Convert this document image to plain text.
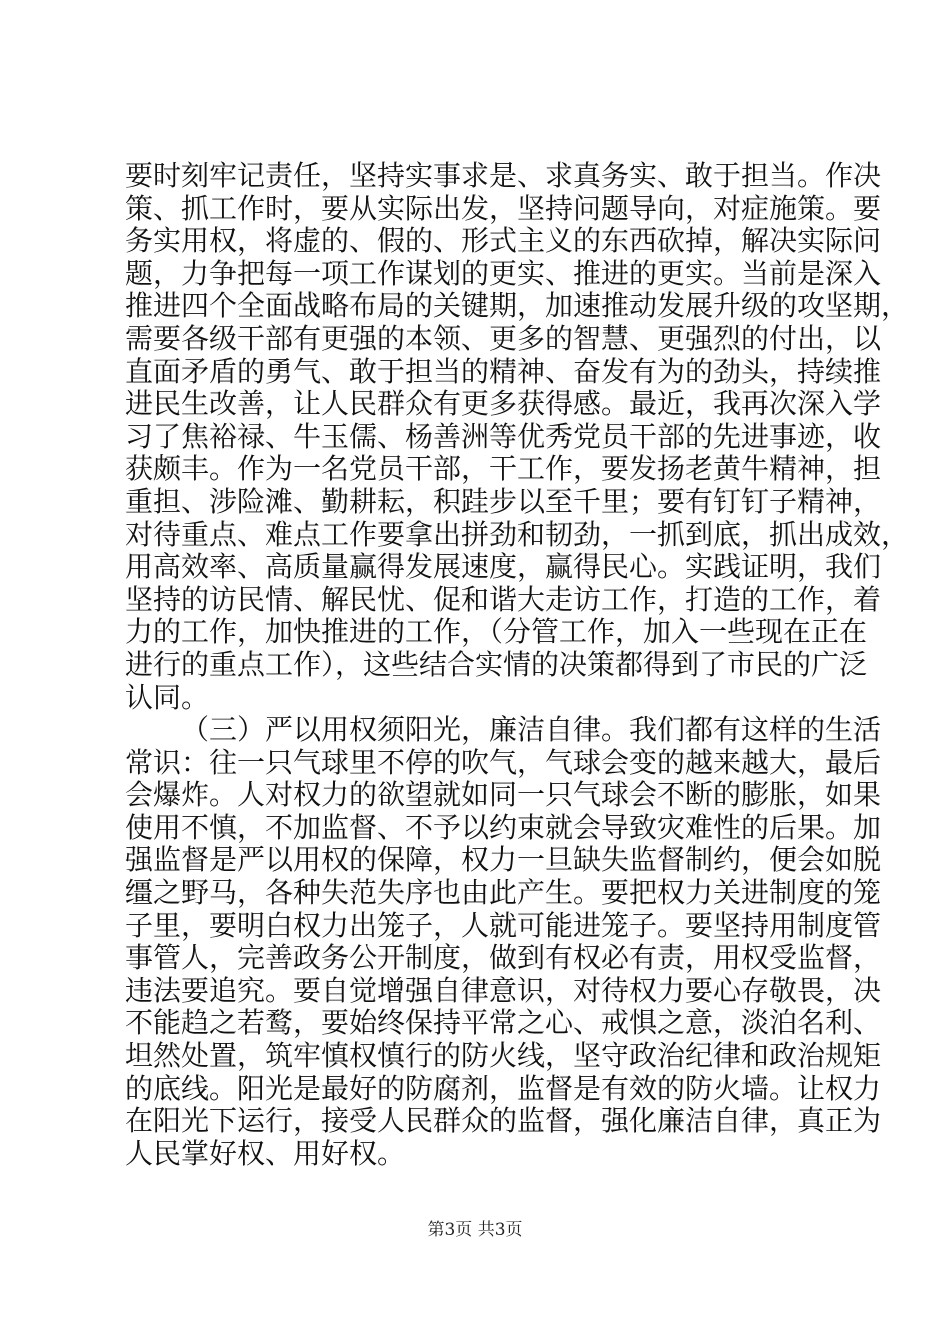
要时刻牢记责任，坚持实事求是、求真务实、敢于担当。作决
策、抓工作时，要从实际出发，坚持问题导向，对症施策。要
务实用权，将虚的、假的、形式主义的东西砍掉，解决实际问
题，力争把每一项工作谋划的更实、推进的更实。当前是深入
推进四个全面战略布局的关键期，加速推动发展升级的攻坚期，
需要各级干部有更强的本领、更多的智慧、更强烈的付出，以
直面矛盾的勇气、敢于担当的精神、奋发有为的劲头，持续推
进民生改善，让人民群众有更多获得感。最近，我再次深入学
习了焦裕禄、牛玉儒、杨善洲等优秀党员干部的先进事迹，收
获颇丰。作为一名党员干部，干工作，要发扬老黄牛精神，担
重担、涉险滩、勤耕耘，积跬步以至千里；要有钉钉子精神，
对待重点、难点工作要拿出拼劲和韧劲，一抓到底，抓出成效，
用高效率、高质量赢得发展速度，赢得民心。实践证明，我们
坚持的访民情、解民忧、促和谐大走访工作，打造的工作，着
力的工作，加快推进的工作，（分管工作，加入一些现在正在
进行的重点工作），这些结合实情的决策都得到了市民的广泛
认同。
（三）严以用权须阳光，廉洁自律。我们都有这样的生活
常识：往一只气球里不停的吹气，气球会变的越来越大，最后
会爆炸。人对权力的欲望就如同一只气球会不断的膨胀，如果
使用不慎，不加监督、不予以约束就会导致灾难性的后果。加
强监督是严以用权的保障，权力一旦缺失监督制约，便会如脱
缰之野马，各种失范失序也由此产生。要把权力关进制度的笼
子里，要明白权力出笼子，人就可能进笼子。要坚持用制度管
事管人，完善政务公开制度，做到有权必有责，用权受监督，
违法要追究。要自觉增强自律意识，对待权力要心存敬畏，决
不能趋之若鹜，要始终保持平常之心、戒惧之意，淡泊名利、
坦然处置，筑牢慎权慎行的防火线，坚守政治纪律和政治规矩
的底线。阳光是最好的防腐剂，监督是有效的防火墙。让权力
在阳光下运行，接受人民群众的监督，强化廉洁自律，真正为
人民掌好权、用好权。
第3页 共3页
